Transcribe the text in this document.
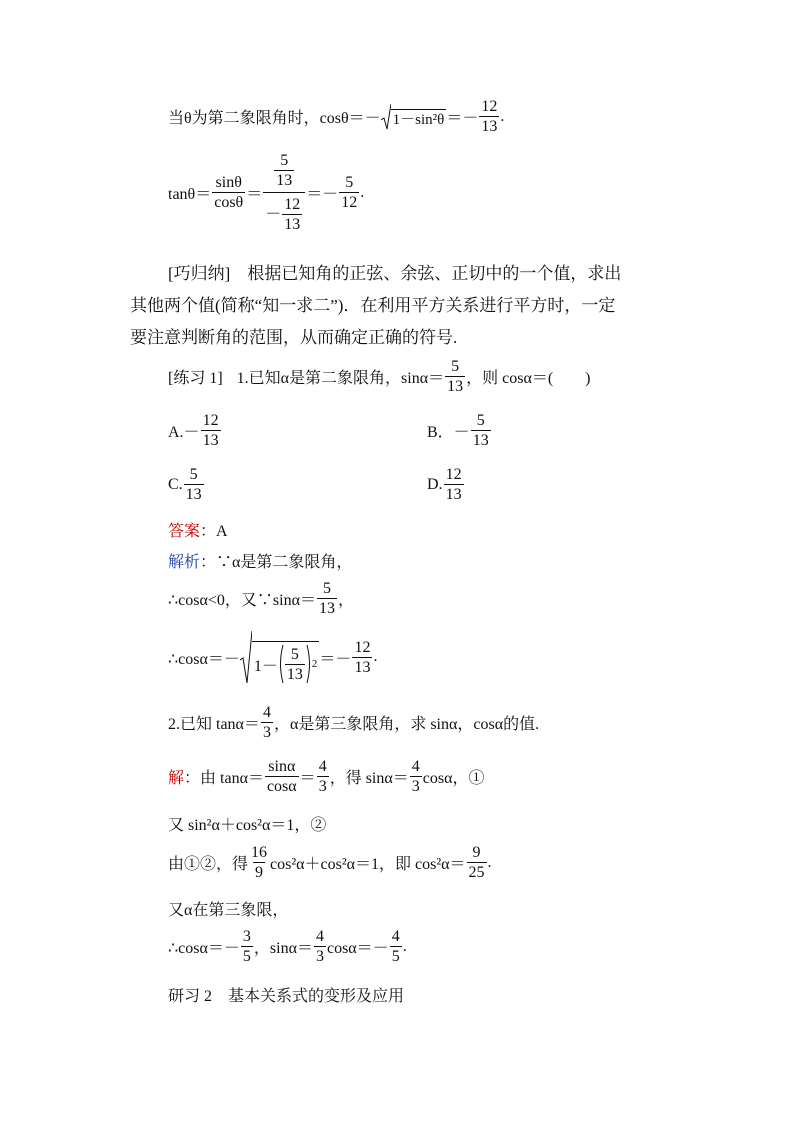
当θ为第二象限角时，$\cos\theta=- 1-\sin^2\theta =- \frac{12}{13}$ .
$\tan\theta= \frac{\sin\theta}{\cos\theta} = \frac{\frac{5}{13}}{- \frac{12}{13}} =- \frac{5}{12}$ .
[巧归纳]　 根据已知角的正弦、余弦、正切中的一个值，求出
其他两个值(简称“知一求二”)．在利用平方关系进行平方时，一定
要注意判断角的范围，从而确定正确的符号.
[练习 1] 1.已知α是第二象限角，$\sin\alpha= \frac{5}{13}$ ，则 cosα＝(　　)
$A.- \frac{12}{13}$	B．－ $\frac{5}{13}$
C. $\frac{5}{13}$	D. $\frac{12}{13}$
答案：A
解析：∵α是第二象限角，
∴cosα<0，又∵sinα＝ $\frac{5}{13}$ ，
∴cosα＝－ $1- \frac{5}{13} 2 =- \frac{12}{13}$ .
2.已知 $\tan\alpha= \frac{4}{3}$ ，α是第三象限角，求 sinα，cosα的值.
解 ：由 $\tan\alpha= \frac{\sin\alpha}{\cos\alpha} = \frac{4}{3}$ ，得 $\sin\alpha= \frac{4}{3}$ cosα，①
又 sin²α＋cos²α＝1，②
由①②，得 $\frac{16}{9} \cos^2\alpha+\cos^2\alpha=1$，即 $\cos^2\alpha= \frac{9}{25}$ .
又α在第三象限，
∴cosα＝－ $\frac{3}{5}$ ，$\sin\alpha= \frac{4}{3} \cos\alpha=- \frac{4}{5}$ .
研习 2　基本关系式的变形及应用
